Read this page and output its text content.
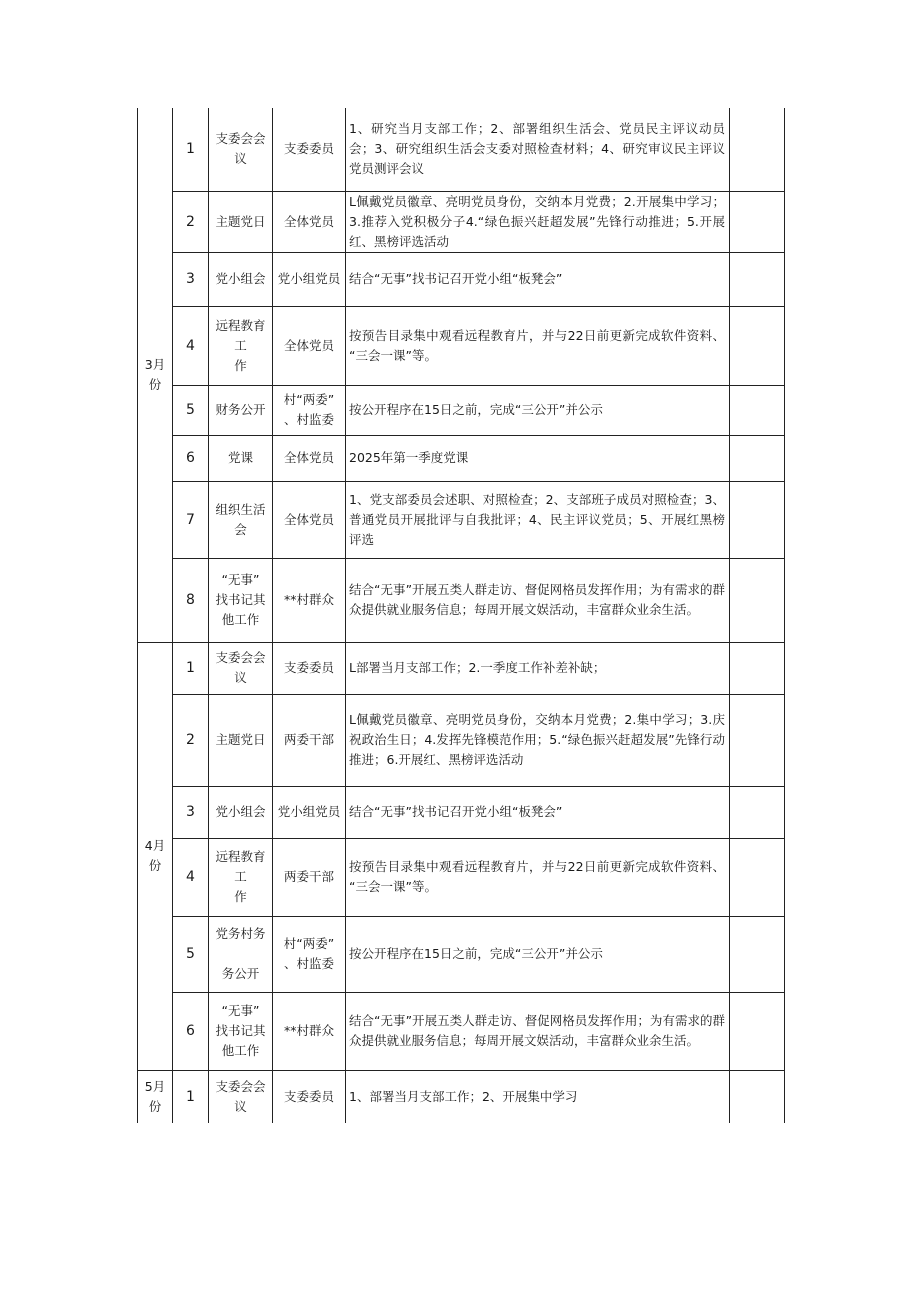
3月
份	1	支委会会
议	支委委员	1、研究当月支部工作；2、部署组织生活会、党员民主评议动员会；3、研究组织生活会支委对照检查材料；4、研究审议民主评议党员测评会议	
	2	主题党日	全体党员	L佩戴党员徽章、亮明党员身份，交纳本月党费；2.开展集中学习；3.推荐入党积极分子4.“绿色振兴赶超发展”先锋行动推进；5.开展红、黑榜评选活动	
	3	党小组会	党小组党员	结合“无事”找书记召开党小组“板凳会”	
	4	远程教育
工
作	全体党员	按预告目录集中观看远程教育片，并与22日前更新完成软件资料、 “三会一课”等。	
	5	财务公开	村“两委”
、村监委	按公开程序在15日之前，完成“三公开”并公示	
	6	党课	全体党员	2025年第一季度党课	
	7	组织生活
会	全体党员	1、党支部委员会述职、对照检查；2、支部班子成员对照检查；3、普通党员开展批评与自我批评；4、民主评议党员；5、开展红黑榜评选	
	8	“无事”
找书记其
他工作	**村群众	结合“无事”开展五类人群走访、督促网格员发挥作用；为有需求的群众提供就业服务信息；每周开展文娱活动，丰富群众业余生活。	
4月
份	1	支委会会
议	支委委员	L部署当月支部工作；2.一季度工作补差补缺；	
	2	主题党日	两委干部	L佩戴党员徽章、亮明党员身份，交纳本月党费；2.集中学习；3.庆祝政治生日；4.发挥先锋模范作用；5.“绿色振兴赶超发展”先锋行动推进；6.开展红、黑榜评选活动	
	3	党小组会	党小组党员	结合“无事”找书记召开党小组“板凳会”	
	4	远程教育
工
作	两委干部	按预告目录集中观看远程教育片，并与22日前更新完成软件资料、 “三会一课”等。	
	5	党务村务

务公开	村“两委”
、村监委	按公开程序在15日之前，完成“三公开”并公示	
	6	“无事”
找书记其
他工作	**村群众	结合“无事”开展五类人群走访、督促网格员发挥作用；为有需求的群众提供就业服务信息；每周开展文娱活动，丰富群众业余生活。	
5月
份	1	支委会会
议	支委委员	1、部署当月支部工作；2、开展集中学习	
